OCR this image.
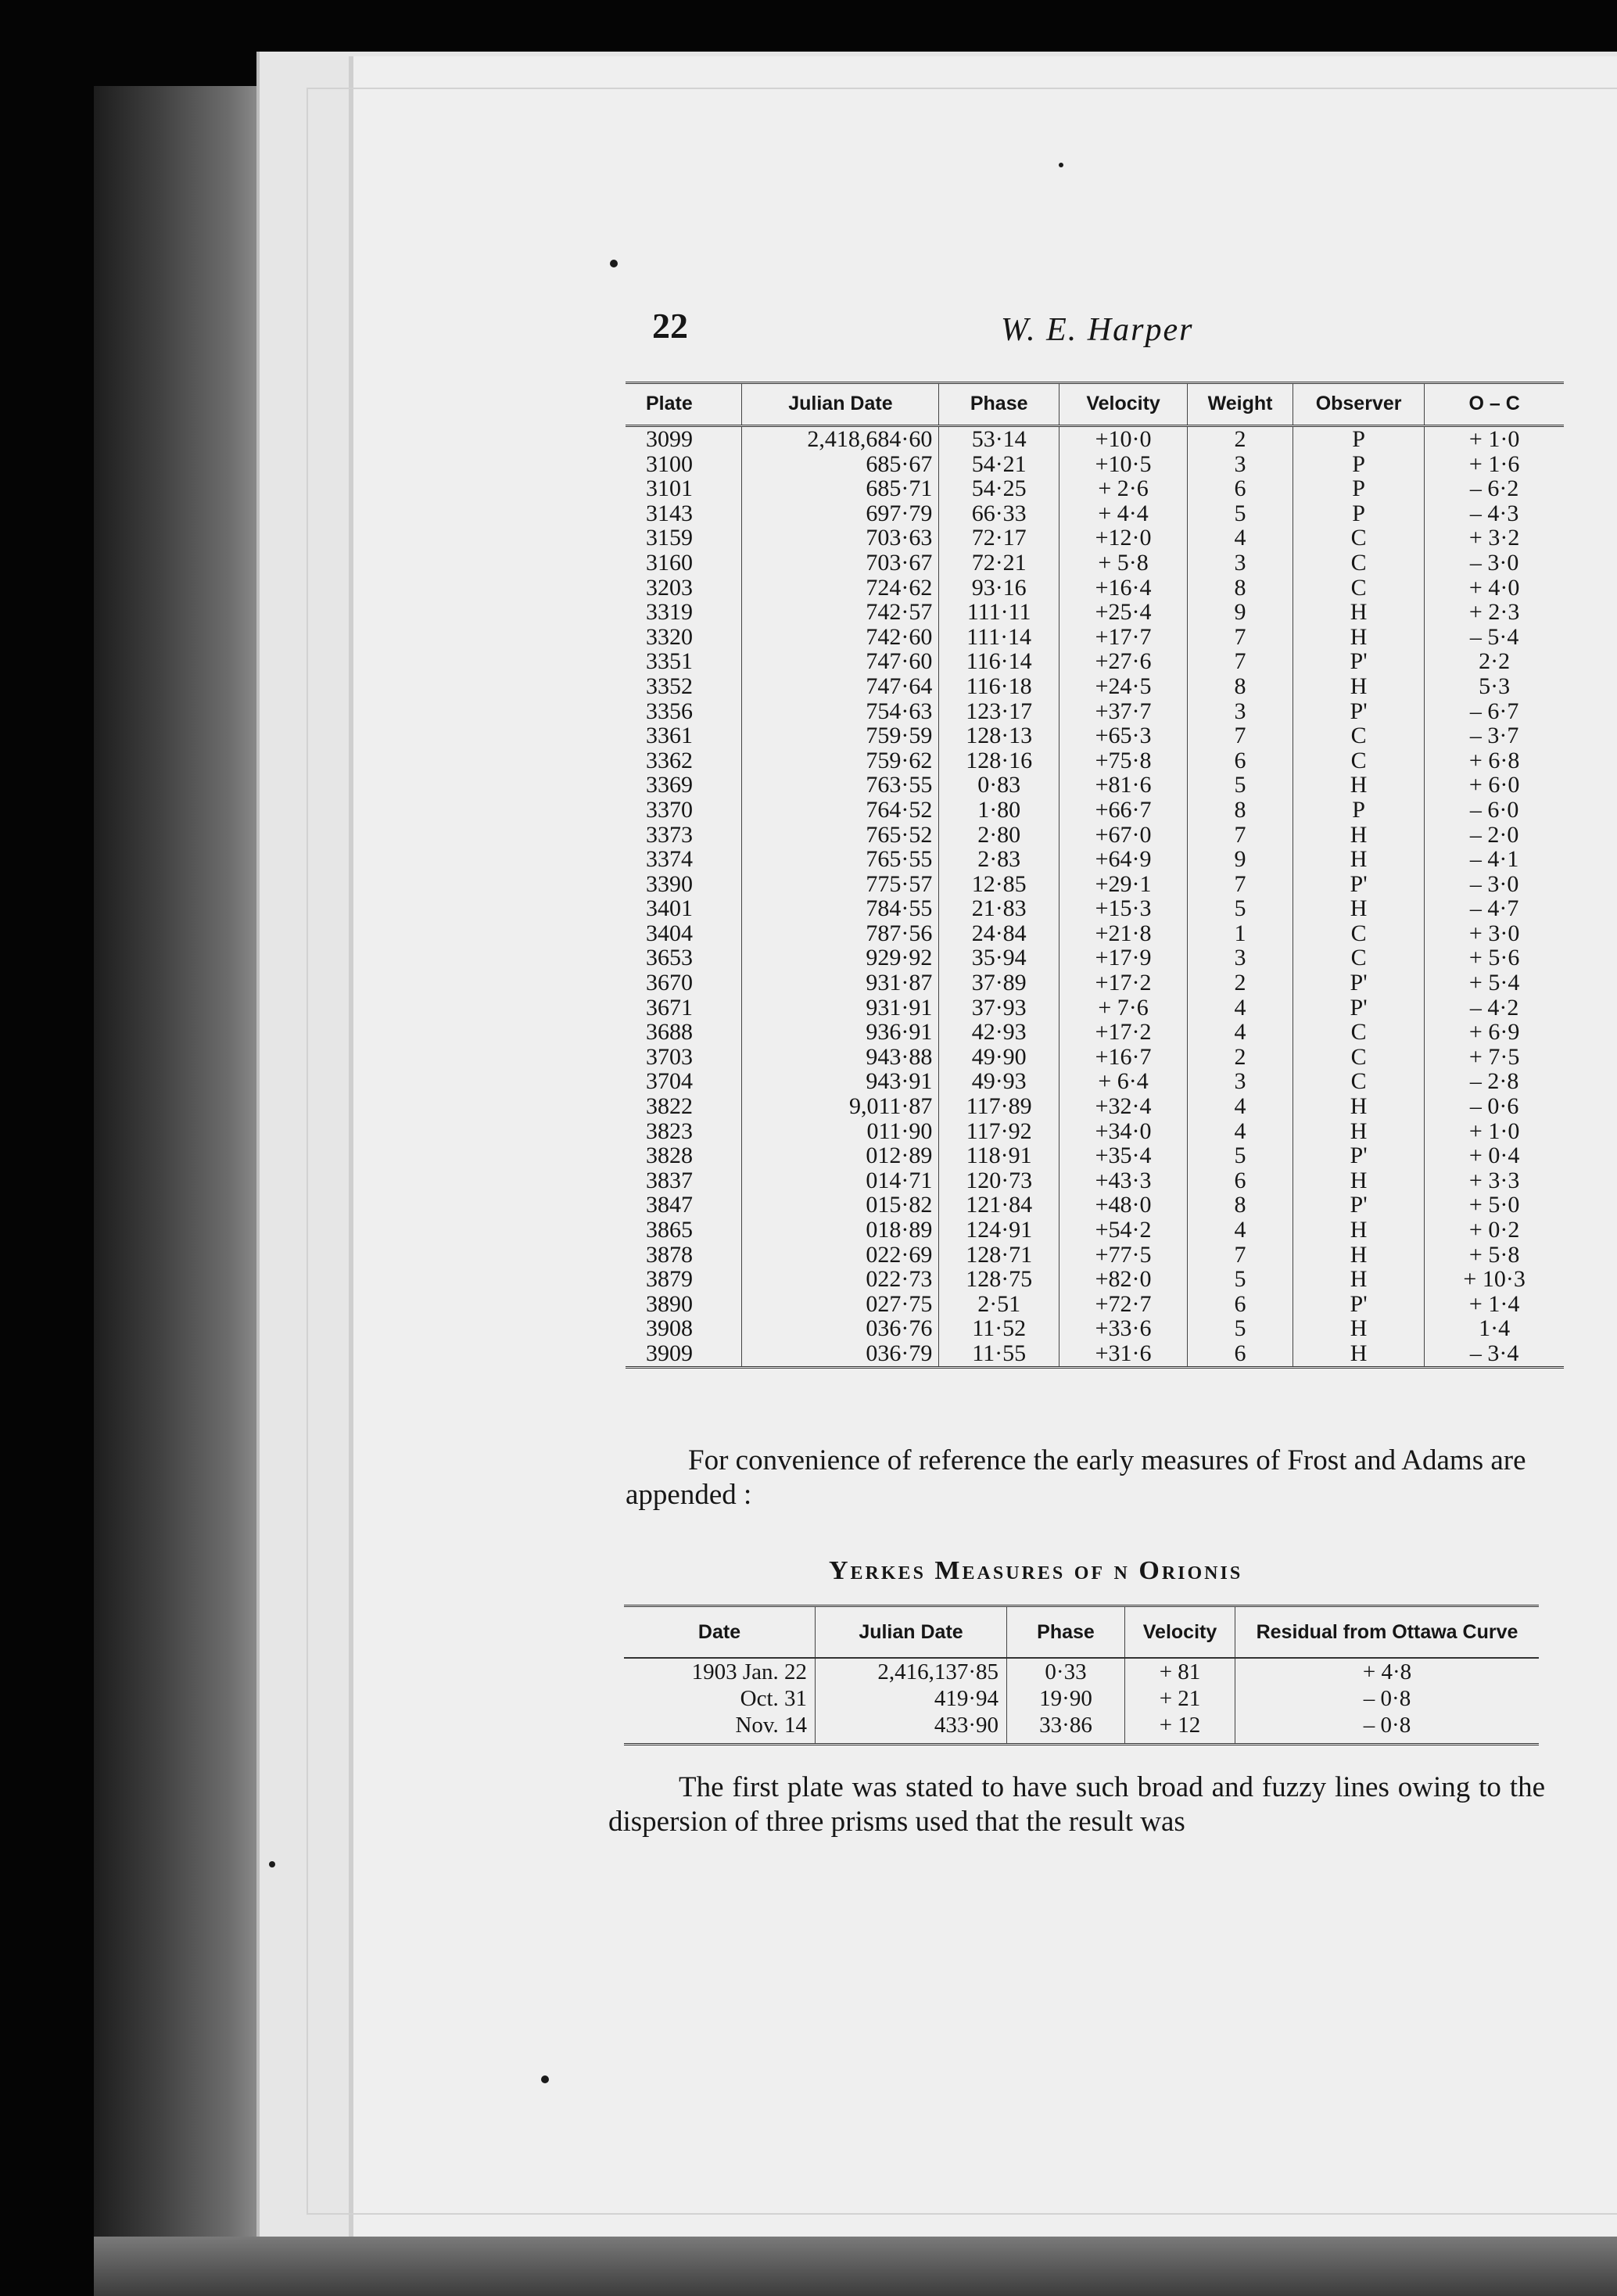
22	W. E. Harper
Plate	Julian Date	Phase	Velocity	Weight	Observer	O – C
3099	2,418,684·60	53·14	+10·0	2	P	+ 1·0
3100	685·67	54·21	+10·5	3	P	+ 1·6
3101	685·71	54·25	+ 2·6	6	P	– 6·2
3143	697·79	66·33	+ 4·4	5	P	– 4·3
3159	703·63	72·17	+12·0	4	C	+ 3·2
3160	703·67	72·21	+ 5·8	3	C	– 3·0
3203	724·62	93·16	+16·4	8	C	+ 4·0
3319	742·57	111·11	+25·4	9	H	+ 2·3
3320	742·60	111·14	+17·7	7	H	– 5·4
3351	747·60	116·14	+27·6	7	P'	2·2
3352	747·64	116·18	+24·5	8	H	5·3
3356	754·63	123·17	+37·7	3	P'	– 6·7
3361	759·59	128·13	+65·3	7	C	– 3·7
3362	759·62	128·16	+75·8	6	C	+ 6·8
3369	763·55	0·83	+81·6	5	H	+ 6·0
3370	764·52	1·80	+66·7	8	P	– 6·0
3373	765·52	2·80	+67·0	7	H	– 2·0
3374	765·55	2·83	+64·9	9	H	– 4·1
3390	775·57	12·85	+29·1	7	P'	– 3·0
3401	784·55	21·83	+15·3	5	H	– 4·7
3404	787·56	24·84	+21·8	1	C	+ 3·0
3653	929·92	35·94	+17·9	3	C	+ 5·6
3670	931·87	37·89	+17·2	2	P'	+ 5·4
3671	931·91	37·93	+ 7·6	4	P'	– 4·2
3688	936·91	42·93	+17·2	4	C	+ 6·9
3703	943·88	49·90	+16·7	2	C	+ 7·5
3704	943·91	49·93	+ 6·4	3	C	– 2·8
3822	9,011·87	117·89	+32·4	4	H	– 0·6
3823	011·90	117·92	+34·0	4	H	+ 1·0
3828	012·89	118·91	+35·4	5	P'	+ 0·4
3837	014·71	120·73	+43·3	6	H	+ 3·3
3847	015·82	121·84	+48·0	8	P'	+ 5·0
3865	018·89	124·91	+54·2	4	H	+ 0·2
3878	022·69	128·71	+77·5	7	H	+ 5·8
3879	022·73	128·75	+82·0	5	H	+ 10·3
3890	027·75	2·51	+72·7	6	P'	+ 1·4
3908	036·76	11·52	+33·6	5	H	1·4
3909	036·79	11·55	+31·6	6	H	– 3·4
For convenience of reference the early measures of Frost and Adams are appended :
Yerkes Measures of ν Orionis
Date	Julian Date	Phase	Velocity	Residual from Ottawa Curve
1903 Jan. 22	2,416,137·85	0·33	+ 81	+ 4·8
Oct. 31	419·94	19·90	+ 21	– 0·8
Nov. 14	433·90	33·86	+ 12	– 0·8
The first plate was stated to have such broad and fuzzy lines owing to the dispersion of three prisms used that the result was
